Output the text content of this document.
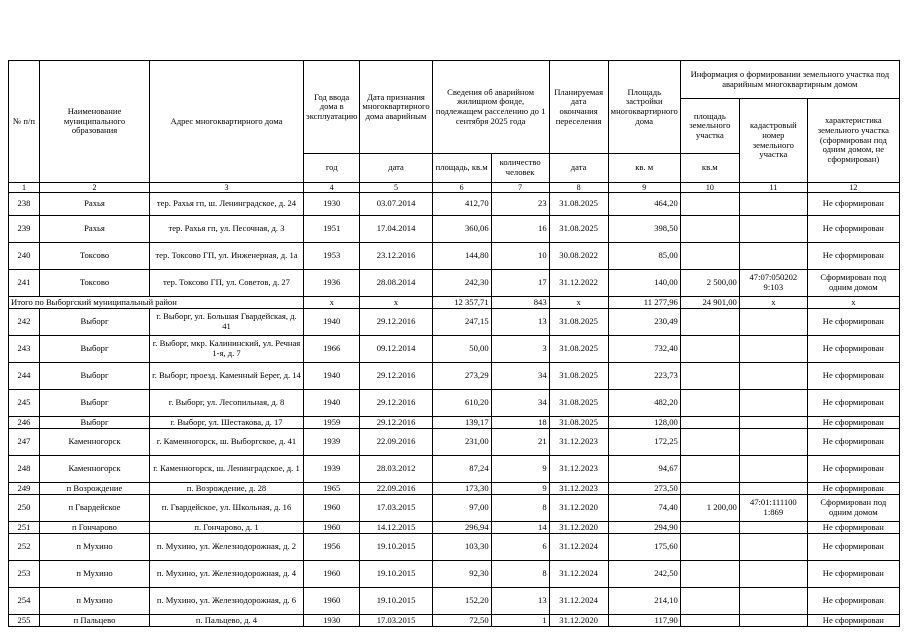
№ п/п	Наименование муниципального образования	Адрес многоквартирного дома	Год ввода дома в эксплуатацию	Дата признания многоквартирного дома аварийным	Сведения об аварийном жилищном фонде, подлежащем расселению до 1 сентября 2025 года		Планируемая дата окончания переселения	Площадь застройки многоквартирного дома	Информация о формировании земельного участка под аварийным многоквартирным домом		
									площадь земельного участка	кадастровый номер земельного участка	характеристика земельного участка (сформирован под одним домом, не сформирован)
			год	дата	площадь, кв.м	количество человек	дата	кв. м	кв.м		
1	2	3	4	5	6	7	8	9	10	11	12
238	Рахья	тер. Рахья гп, ш. Ленинградское, д. 24	1930	03.07.2014	412,70	23	31.08.2025	464,20			Не сформирован
239	Рахья	тер. Рахья гп, ул. Песочная, д. 3	1951	17.04.2014	360,06	16	31.08.2025	398,50			Не сформирован
240	Токсово	тер. Токсово ГП, ул. Инженерная, д. 1а	1953	23.12.2016	144,80	10	30.08.2022	85,00			Не сформирован
241	Токсово	тер. Токсово ГП, ул. Советов, д. 27	1936	28.08.2014	242,30	17	31.12.2022	140,00	2 500,00	47:07:050202 9:103	Сформирован под одним домом
Итого по Выборгский муниципальный район			х	х	12 357,71	843	х	11 277,96	24 901,00	х	х
242	Выборг	г. Выборг, ул. Большая Гвардейская, д. 41	1940	29.12.2016	247,15	13	31.08.2025	230,49			Не сформирован
243	Выборг	г. Выборг, мкр. Калининский, ул. Речная 1-я, д. 7	1966	09.12.2014	50,00	3	31.08.2025	732,40			Не сформирован
244	Выборг	г. Выборг, проезд. Каменный Берег, д. 14	1940	29.12.2016	273,29	34	31.08.2025	223,73			Не сформирован
245	Выборг	г. Выборг, ул. Лесопильная, д. 8	1940	29.12.2016	610,20	34	31.08.2025	482,20			Не сформирован
246	Выборг	г. Выборг, ул. Шестакова, д. 17	1959	29.12.2016	139,17	18	31.08.2025	128,00			Не сформирован
247	Каменногорск	г. Каменногорск, ш. Выборгское, д. 41	1939	22.09.2016	231,00	21	31.12.2023	172,25			Не сформирован
248	Каменногорск	г. Каменногорск, ш. Ленинградское, д. 1	1939	28.03.2012	87,24	9	31.12.2023	94,67			Не сформирован
249	п Возрождение	п. Возрождение, д. 28	1965	22.09.2016	173,30	9	31.12.2023	273,50			Не сформирован
250	п Гвардейское	п. Гвардейское, ул. Школьная, д. 16	1960	17.03.2015	97,00	8	31.12.2020	74,40	1 200,00	47:01:111100 1:869	Сформирован под одним домом
251	п Гончарово	п. Гончарово, д. 1	1960	14.12.2015	296,94	14	31.12.2020	294,90			Не сформирован
252	п Мухино	п. Мухино, ул. Железнодорожная, д. 2	1956	19.10.2015	103,30	6	31.12.2024	175,60			Не сформирован
253	п Мухино	п. Мухино, ул. Железнодорожная, д. 4	1960	19.10.2015	92,30	8	31.12.2024	242,50			Не сформирован
254	п Мухино	п. Мухино, ул. Железнодорожная, д. 6	1960	19.10.2015	152,20	13	31.12.2024	214,10			Не сформирован
255	п Пальцево	п. Пальцево, д. 4	1930	17.03.2015	72,50	1	31.12.2020	117,90			Не сформирован
